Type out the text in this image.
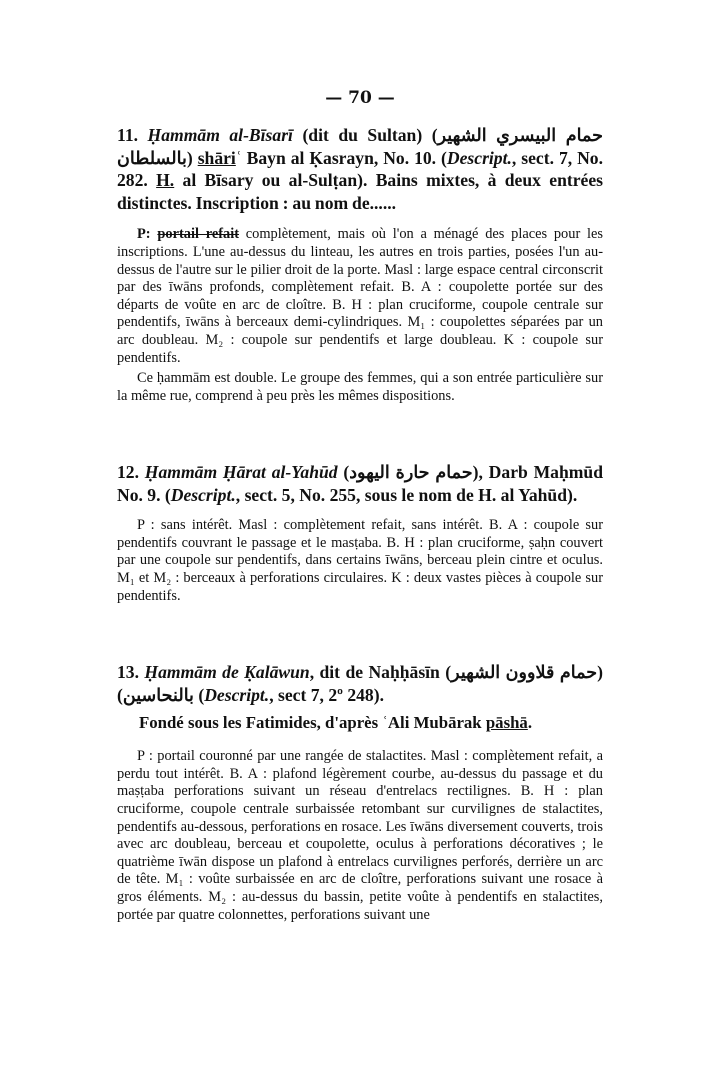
— 70 —
11. Ḥammām al-Bīsarī (dit du Sultan) (حمام البيسري الشهير بالسلطان) shāriʿ Bayn al Ḳasrayn, No. 10. (Descript., sect. 7, No. 282. H. al Bīsary ou al-Sulṭan). Bains mixtes, à deux entrées distinctes. Inscription : au nom de......

P: portail refait complètement, mais où l'on a ménagé des places pour les inscriptions. L'une au-dessus du linteau, les autres en trois parties, posées l'un au-dessus de l'autre sur le pilier droit de la porte. Masl : large espace central circonscrit par des īwāns profonds, complètement refait. B. A : coupolette portée sur des départs de voûte en arc de cloître. B. H : plan cruciforme, coupole centrale sur pendentifs, īwāns à berceaux demi-cylindriques. M₁ : coupolettes séparées par un arc doubleau. M₂ : coupole sur pendentifs et large doubleau. K : coupole sur pendentifs.

Ce ḥammām est double. Le groupe des femmes, qui a son entrée particulière sur la même rue, comprend à peu près les mêmes dispositions.

12. Ḥammām Ḥārat al-Yahūd (حمام حارة اليهود), Darb Maḥmūd No. 9. (Descript., sect. 5, No. 255, sous le nom de H. al Yahūd).

P : sans intérêt. Masl : complètement refait, sans intérêt. B. A : coupole sur pendentifs couvrant le passage et le masṭaba. B. H : plan cruciforme, ṣaḥn couvert par une coupole sur pendentifs, dans certains īwāns, berceau plein cintre et oculus. M₁ et M₂ : berceaux à perforations circulaires. K : deux vastes pièces à coupole sur pendentifs.

13. Ḥammām de Ḳalāwun, dit de Naḥḥāsīn (حمام قلاوون الشهير) (بالنحاسين (Descript., sect 7, 2º 248).
Fondé sous les Fatimides, d'après ʿAli Mubārak pāshā.

P : portail couronné par une rangée de stalactites. Masl : complètement refait, a perdu tout intérêt. B. A : plafond légèrement courbe, au-dessus du passage et du maṣṭaba perforations suivant un réseau d'entrelacs rectilignes. B. H : plan cruciforme, coupole centrale surbaissée retombant sur curvilignes de stalactites, pendentifs au-dessous, perforations en rosace. Les īwāns diversement couverts, trois avec arc doubleau, berceau et coupolette, oculus à perforations décoratives ; le quatrième īwān dispose un plafond à entrelacs curvilignes perforés, derrière un arc de tête. M₁ : voûte surbaissée en arc de cloître, perforations suivant une rosace à gros éléments. M₂ : au-dessus du bassin, petite voûte à pendentifs en stalactites, portée par quatre colonnettes, perforations suivant une
